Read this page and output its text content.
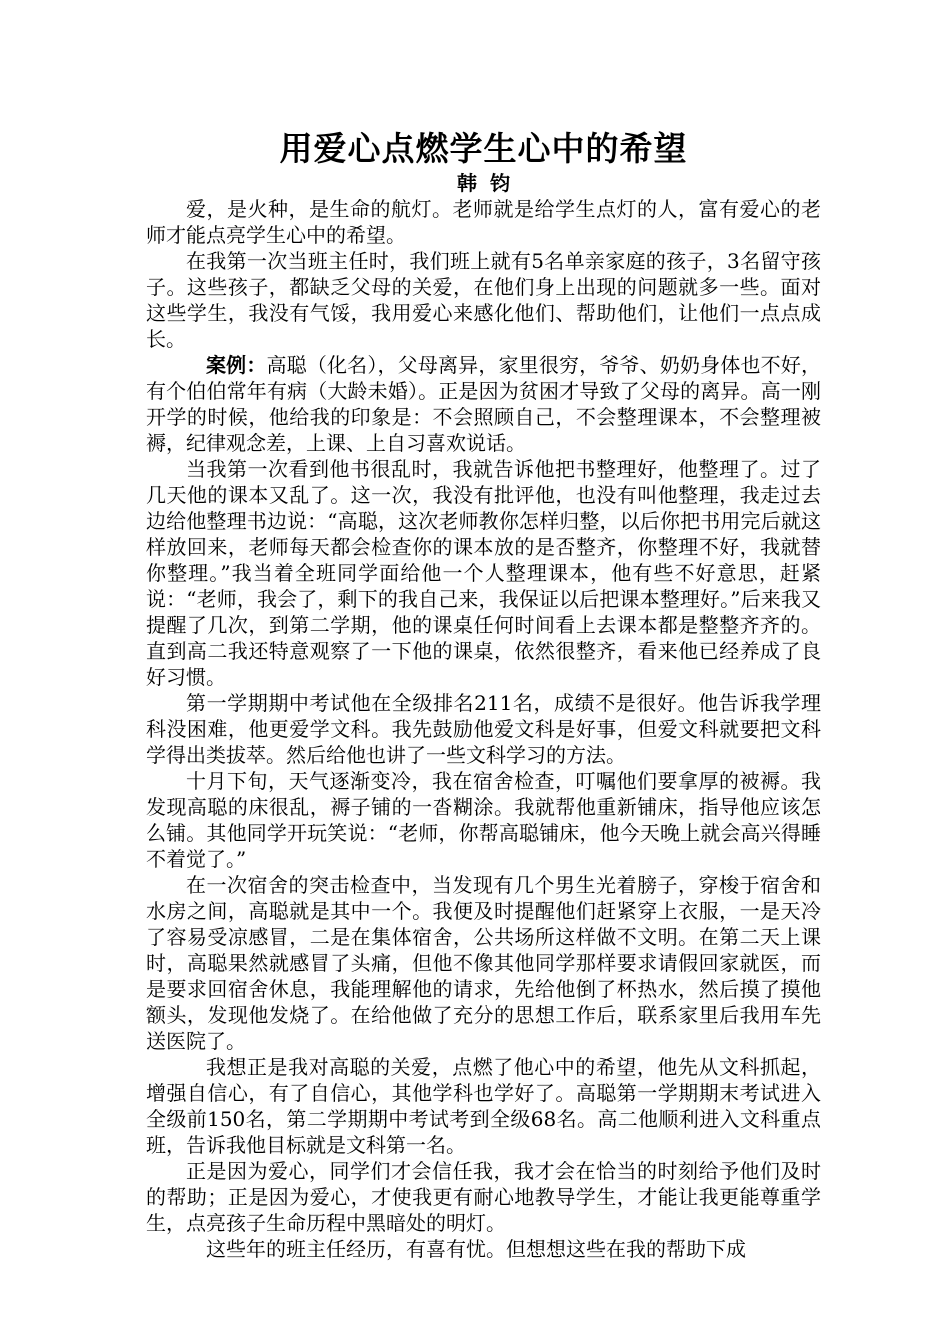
用爱心点燃学生心中的希望
韩 钧

爱，是火种，是生命的航灯。老师就是给学生点灯的人，富有爱心的老师才能点亮学生心中的希望。

在我第一次当班主任时，我们班上就有5名单亲家庭的孩子，3名留守孩子。这些孩子，都缺乏父母的关爱，在他们身上出现的问题就多一些。面对这些学生，我没有气馁，我用爱心来感化他们、帮助他们，让他们一点点成长。

案例：高聪（化名），父母离异，家里很穷，爷爷、奶奶身体也不好，有个伯伯常年有病（大龄未婚）。正是因为贫困才导致了父母的离异。高一刚开学的时候，他给我的印象是：不会照顾自己，不会整理课本，不会整理被褥，纪律观念差，上课、上自习喜欢说话。

当我第一次看到他书很乱时，我就告诉他把书整理好，他整理了。过了几天他的课本又乱了。这一次，我没有批评他，也没有叫他整理，我走过去边给他整理书边说：“高聪，这次老师教你怎样归整，以后你把书用完后就这样放回来，老师每天都会检查你的课本放的是否整齐，你整理不好，我就替你整理。”我当着全班同学面给他一个人整理课本，他有些不好意思，赶紧说：“老师，我会了，剩下的我自己来，我保证以后把课本整理好。”后来我又提醒了几次，到第二学期，他的课桌任何时间看上去课本都是整整齐齐的。直到高二我还特意观察了一下他的课桌，依然很整齐，看来他已经养成了良好习惯。

第一学期期中考试他在全级排名211名，成绩不是很好。他告诉我学理科没困难，他更爱学文科。我先鼓励他爱文科是好事，但爱文科就要把文科学得出类拔萃。然后给他也讲了一些文科学习的方法。

十月下旬，天气逐渐变冷，我在宿舍检查，叮嘱他们要拿厚的被褥。我发现高聪的床很乱，褥子铺的一沓糊涂。我就帮他重新铺床，指导他应该怎么铺。其他同学开玩笑说：“老师，你帮高聪铺床，他今天晚上就会高兴得睡不着觉了。”

在一次宿舍的突击检查中，当发现有几个男生光着膀子，穿梭于宿舍和水房之间，高聪就是其中一个。我便及时提醒他们赶紧穿上衣服，一是天冷了容易受凉感冒，二是在集体宿舍，公共场所这样做不文明。在第二天上课时，高聪果然就感冒了头痛，但他不像其他同学那样要求请假回家就医，而是要求回宿舍休息，我能理解他的请求，先给他倒了杯热水，然后摸了摸他额头，发现他发烧了。在给他做了充分的思想工作后，联系家里后我用车先送医院了。

我想正是我对高聪的关爱，点燃了他心中的希望，他先从文科抓起，增强自信心，有了自信心，其他学科也学好了。高聪第一学期期末考试进入全级前150名，第二学期期中考试考到全级68名。高二他顺利进入文科重点班，告诉我他目标就是文科第一名。

正是因为爱心，同学们才会信任我，我才会在恰当的时刻给予他们及时的帮助；正是因为爱心，才使我更有耐心地教导学生，才能让我更能尊重学生，点亮孩子生命历程中黑暗处的明灯。

这些年的班主任经历，有喜有忧。但想想这些在我的帮助下成
